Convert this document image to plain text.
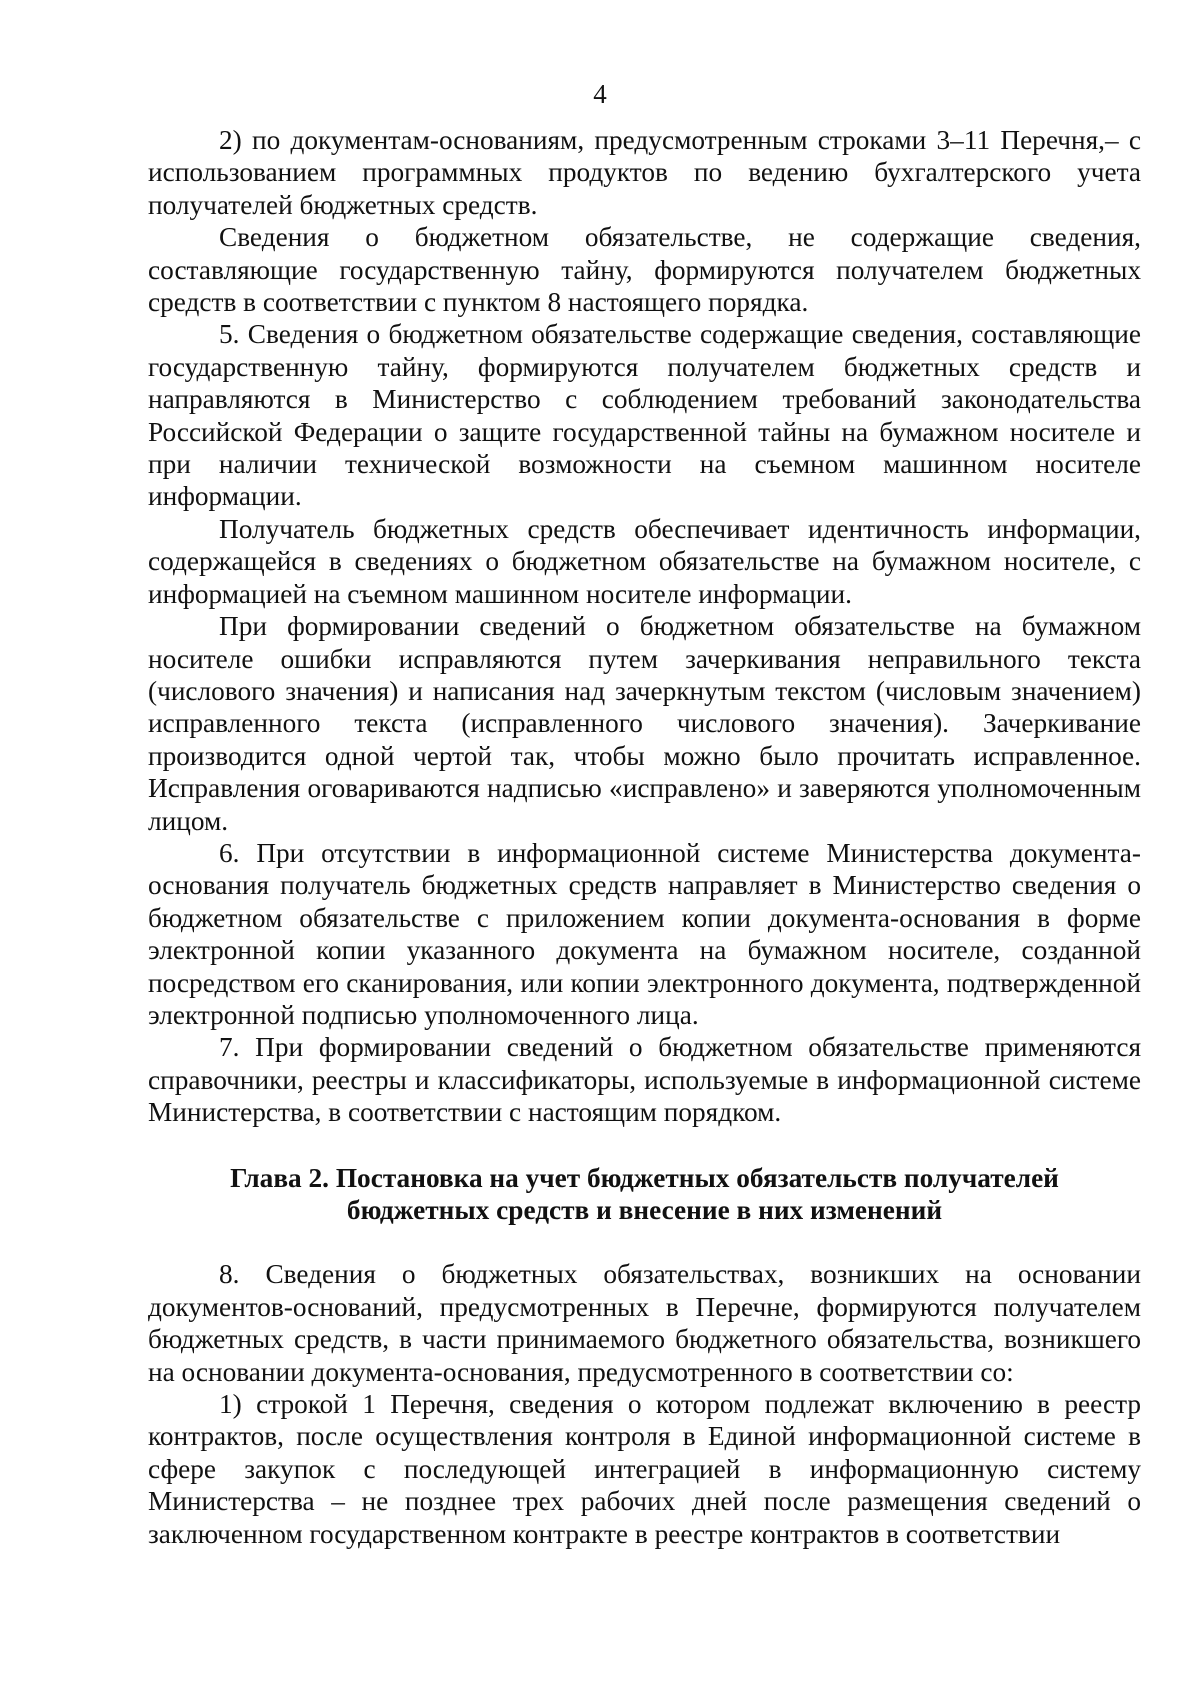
4

2) по документам-основаниям, предусмотренным строками 3–11 Перечня,– с использованием программных продуктов по ведению бухгалтерского учета получателей бюджетных средств.

Сведения о бюджетном обязательстве, не содержащие сведения, составляющие государственную тайну, формируются получателем бюджетных средств в соответствии с пунктом 8 настоящего порядка.

5. Сведения о бюджетном обязательстве содержащие сведения, составляющие государственную тайну, формируются получателем бюджетных средств и направляются в Министерство с соблюдением требований законодательства Российской Федерации о защите государственной тайны на бумажном носителе и при наличии технической возможности на съемном машинном носителе информации.

Получатель бюджетных средств обеспечивает идентичность информации, содержащейся в сведениях о бюджетном обязательстве на бумажном носителе, с информацией на съемном машинном носителе информации.

При формировании сведений о бюджетном обязательстве на бумажном носителе ошибки исправляются путем зачеркивания неправильного текста (числового значения) и написания над зачеркнутым текстом (числовым значением) исправленного текста (исправленного числового значения). Зачеркивание производится одной чертой так, чтобы можно было прочитать исправленное. Исправления оговариваются надписью «исправлено» и заверяются уполномоченным лицом.

6. При отсутствии в информационной системе Министерства документа-основания получатель бюджетных средств направляет в Министерство сведения о бюджетном обязательстве с приложением копии документа-основания в форме электронной копии указанного документа на бумажном носителе, созданной посредством его сканирования, или копии электронного документа, подтвержденной электронной подписью уполномоченного лица.

7. При формировании сведений о бюджетном обязательстве применяются справочники, реестры и классификаторы, используемые в информационной системе Министерства, в соответствии с настоящим порядком.

Глава 2. Постановка на учет бюджетных обязательств получателей
бюджетных средств и внесение в них изменений

8. Сведения о бюджетных обязательствах, возникших на основании документов-оснований, предусмотренных в Перечне, формируются получателем бюджетных средств, в части принимаемого бюджетного обязательства, возникшего на основании документа-основания, предусмотренного в соответствии со:

1) строкой 1 Перечня, сведения о котором подлежат включению в реестр контрактов, после осуществления контроля в Единой информационной системе в сфере закупок с последующей интеграцией в информационную систему Министерства – не позднее трех рабочих дней после размещения сведений о заключенном государственном контракте в реестре контрактов в соответствии
